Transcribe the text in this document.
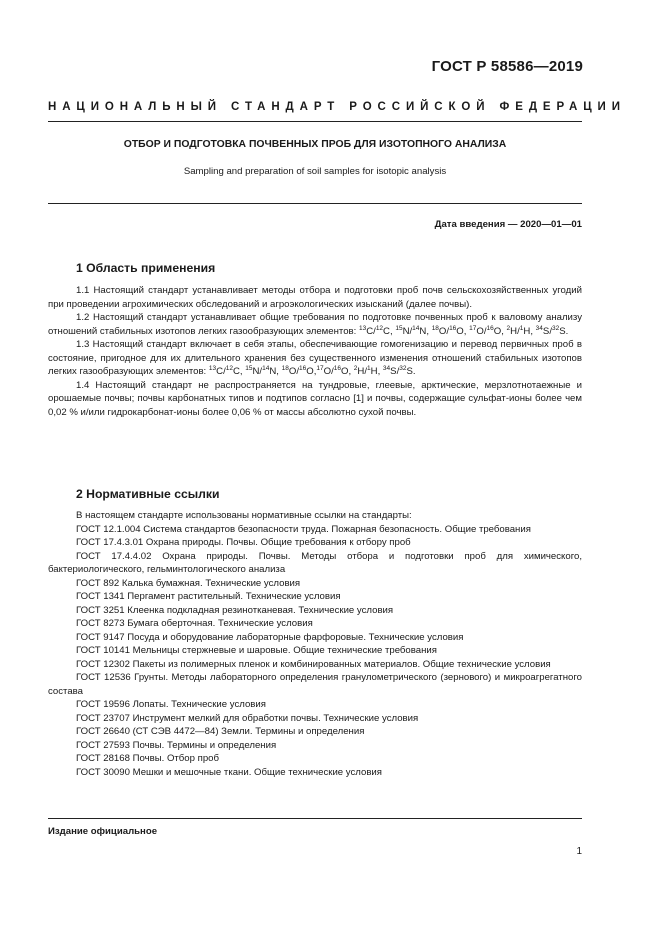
ГОСТ Р 58586—2019
НАЦИОНАЛЬНЫЙ СТАНДАРТ РОССИЙСКОЙ ФЕДЕРАЦИИ
ОТБОР И ПОДГОТОВКА ПОЧВЕННЫХ ПРОБ ДЛЯ ИЗОТОПНОГО АНАЛИЗА
Sampling and preparation of soil samples for isotopic analysis
Дата введения — 2020—01—01
1 Область применения

1.1 Настоящий стандарт устанавливает методы отбора и подготовки проб почв сельскохозяйственных угодий при проведении агрохимических обследований и агроэкологических изысканий (далее почвы).

1.2 Настоящий стандарт устанавливает общие требования по подготовке почвенных проб к валовому анализу отношений стабильных изотопов легких газообразующих элементов: $^{13}$C/$^{12}$C, $^{15}$N/$^{14}$N, $^{18}$O/$^{16}$O, $^{17}$O/$^{16}$O, $^2$H/$^1$H, $^{34}$S/$^{32}$S.

1.3 Настоящий стандарт включает в себя этапы, обеспечивающие гомогенизацию и перевод первичных проб в состояние, пригодное для их длительного хранения без существенного изменения отношений стабильных изотопов легких газообразующих элементов: $^{13}$C/$^{12}$C, $^{15}$N/$^{14}$N, $^{18}$O/$^{16}$O,$^{17}$O/$^{16}$O, $^2$H/$^1$H, $^{34}$S/$^{32}$S.

1.4 Настоящий стандарт не распространяется на тундровые, глеевые, арктические, мерзлотнотаежные и орошаемые почвы; почвы карбонатных типов и подтипов согласно [1] и почвы, содержащие сульфат-ионы более чем 0,02 % и/или гидрокарбонат-ионы более 0,06 % от массы абсолютно сухой почвы.

2 Нормативные ссылки

В настоящем стандарте использованы нормативные ссылки на стандарты:

ГОСТ 12.1.004 Система стандартов безопасности труда. Пожарная безопасность. Общие требования

ГОСТ 17.4.3.01 Охрана природы. Почвы. Общие требования к отбору проб

ГОСТ 17.4.4.02 Охрана природы. Почвы. Методы отбора и подготовки проб для химического, бактериологического, гельминтологического анализа

ГОСТ 892 Калька бумажная. Технические условия

ГОСТ 1341 Пергамент растительный. Технические условия

ГОСТ 3251 Клеенка подкладная резинотканевая. Технические условия

ГОСТ 8273 Бумага оберточная. Технические условия

ГОСТ 9147 Посуда и оборудование лабораторные фарфоровые. Технические условия

ГОСТ 10141 Мельницы стержневые и шаровые. Общие технические требования

ГОСТ 12302 Пакеты из полимерных пленок и комбинированных материалов. Общие технические условия

ГОСТ 12536 Грунты. Методы лабораторного определения гранулометрического (зернового) и микроагрегатного состава

ГОСТ 19596 Лопаты. Технические условия

ГОСТ 23707 Инструмент мелкий для обработки почвы. Технические условия

ГОСТ 26640 (СТ СЭВ 4472—84) Земли. Термины и определения

ГОСТ 27593 Почвы. Термины и определения

ГОСТ 28168 Почвы. Отбор проб

ГОСТ 30090 Мешки и мешочные ткани. Общие технические условия

Издание официальное
1
